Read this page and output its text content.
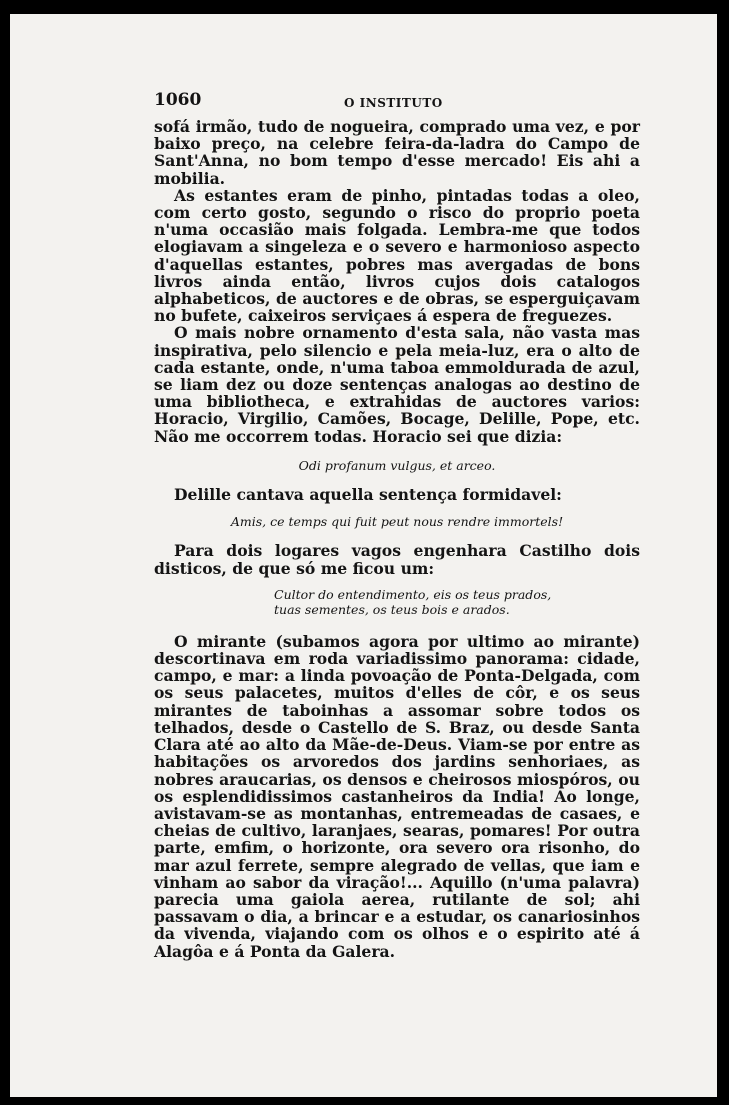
1060	O INSTITUTO

sofá irmão, tudo de nogueira, comprado uma vez, e por baixo preço, na celebre feira-da-ladra do Campo de Sant'Anna, no bom tempo d'esse mercado! Eis ahi a mobilia.

As estantes eram de pinho, pintadas todas a oleo, com certo gosto, segundo o risco do proprio poeta n'uma occasião mais folgada. Lembra-me que todos elogiavam a singeleza e o severo e harmonioso aspecto d'aquellas estantes, pobres mas avergadas de bons livros ainda então, livros cujos dois catalogos alphabeticos, de auctores e de obras, se esperguiçavam no bufete, caixeiros serviçaes á espera de freguezes.

O mais nobre ornamento d'esta sala, não vasta mas inspirativa, pelo silencio e pela meia-luz, era o alto de cada estante, onde, n'uma taboa emmoldurada de azul, se liam dez ou doze sentenças analogas ao destino de uma bibliotheca, e extrahidas de auctores varios: Horacio, Virgilio, Camões, Bocage, Delille, Pope, etc. Não me occorrem todas. Horacio sei que dizia:

Odi profanum vulgus, et arceo.

Delille cantava aquella sentença formidavel:

Amis, ce temps qui fuit peut nous rendre immortels!

Para dois logares vagos engenhara Castilho dois disticos, de que só me ficou um:

Cultor do entendimento, eis os teus prados,
tuas sementes, os teus bois e arados.

O mirante (subamos agora por ultimo ao mirante) descortinava em roda variadissimo panorama: cidade, campo, e mar: a linda povoação de Ponta-Delgada, com os seus palacetes, muitos d'elles de côr, e os seus mirantes de taboinhas a assomar sobre todos os telhados, desde o Castello de S. Braz, ou desde Santa Clara até ao alto da Mãe-de-Deus. Viam-se por entre as habitações os arvoredos dos jardins senhoriaes, as nobres araucarias, os densos e cheirosos miospóros, ou os esplendidissimos castanheiros da India! Ao longe, avistavam-se as montanhas, entremeadas de casaes, e cheias de cultivo, laranjaes, searas, pomares! Por outra parte, emfim, o horizonte, ora severo ora risonho, do mar azul ferrete, sempre alegrado de vellas, que iam e vinham ao sabor da viração!... Aquillo (n'uma palavra) parecia uma gaiola aerea, rutilante de sol; ahi passavam o dia, a brincar e a estudar, os canariosinhos da vivenda, viajando com os olhos e o espirito até á Alagôa e á Ponta da Galera.
